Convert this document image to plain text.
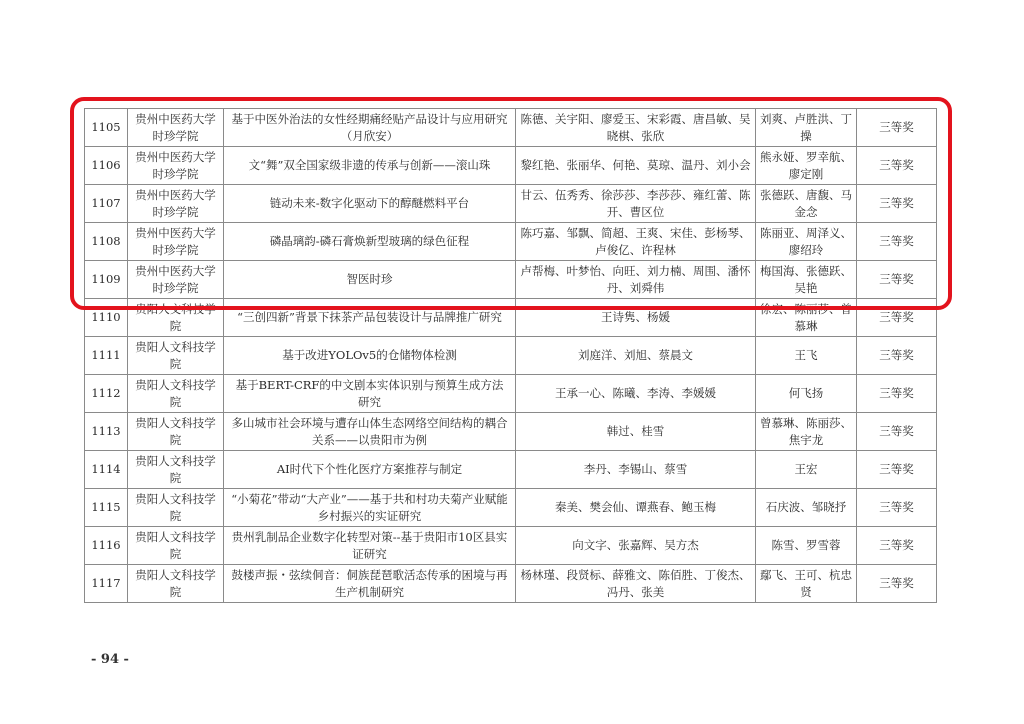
1105	贵州中医药大学时珍学院	基于中医外治法的女性经期痛经贴产品设计与应用研究（月欣安）	陈德、关宇阳、廖爱玉、宋彩霞、唐昌敏、吴晓棋、张欣	刘爽、卢胜洪、丁操	三等奖
1106	贵州中医药大学时珍学院	文“舞”双全国家级非遗的传承与创新——滚山珠	黎红艳、张丽华、何艳、莫琼、温丹、刘小会	熊永娅、罗幸航、廖定刚	三等奖
1107	贵州中医药大学时珍学院	链动未来-数字化驱动下的醇醚燃料平台	甘云、伍秀秀、徐莎莎、李莎莎、雍红蕾、陈开、曹区位	张德跃、唐馥、马金念	三等奖
1108	贵州中医药大学时珍学院	磷晶璃韵-磷石膏焕新型玻璃的绿色征程	陈巧嘉、邹飘、简超、王爽、宋佳、彭杨琴、卢俊亿、许程林	陈丽亚、周泽义、廖绍玲	三等奖
1109	贵州中医药大学时珍学院	智医时珍	卢帮梅、叶梦怡、向旺、刘力楠、周围、潘怀丹、刘舜伟	梅国海、张德跃、吴艳	三等奖
1110	贵阳人文科技学院	“三创四新”背景下抹茶产品包装设计与品牌推广研究	王诗隽、杨媛	徐宏、陈丽莎、曾慕琳	三等奖
1111	贵阳人文科技学院	基于改进YOLOv5的仓储物体检测	刘庭洋、刘旭、蔡晨文	王飞	三等奖
1112	贵阳人文科技学院	基于BERT-CRF的中文剧本实体识别与预算生成方法研究	王承一心、陈曦、李涛、李媛媛	何飞扬	三等奖
1113	贵阳人文科技学院	多山城市社会环境与遭存山体生态网络空间结构的耦合关系——以贵阳市为例	韩过、桂雪	曾慕琳、陈丽莎、焦宇龙	三等奖
1114	贵阳人文科技学院	AI时代下个性化医疗方案推荐与制定	李丹、李锡山、蔡雪	王宏	三等奖
1115	贵阳人文科技学院	“小菊花”带动“大产业”——基于共和村功夫菊产业赋能乡村振兴的实证研究	秦美、樊会仙、谭燕春、鲍玉梅	石庆波、邹晓抒	三等奖
1116	贵阳人文科技学院	贵州乳制品企业数字化转型对策--基于贵阳市10区县实证研究	向文字、张嘉辉、吴方杰	陈雪、罗雪蓉	三等奖
1117	贵阳人文科技学院	鼓楼声振・弦续侗音：侗族琵琶歌活态传承的困境与再生产机制研究	杨林瑾、段贤标、薛雅文、陈佰胜、丁俊杰、冯丹、张美	鄢飞、王可、杭忠贤	三等奖
- 94 -
